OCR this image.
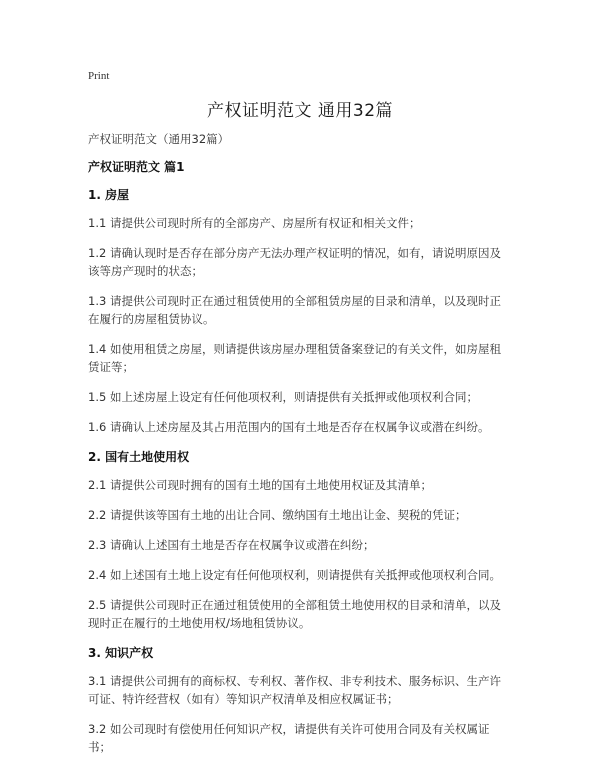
Print
产权证明范文 通用32篇
产权证明范文（通用32篇）
产权证明范文 篇1
1. 房屋
1.1 请提供公司现时所有的全部房产、房屋所有权证和相关文件；
1.2 请确认现时是否存在部分房产无法办理产权证明的情况，如有，请说明原因及该等房产现时的状态；
1.3 请提供公司现时正在通过租赁使用的全部租赁房屋的目录和清单，以及现时正在履行的房屋租赁协议。
1.4 如使用租赁之房屋，则请提供该房屋办理租赁备案登记的有关文件，如房屋租赁证等；
1.5 如上述房屋上设定有任何他项权利，则请提供有关抵押或他项权利合同；
1.6 请确认上述房屋及其占用范围内的国有土地是否存在权属争议或潜在纠纷。
2. 国有土地使用权
2.1 请提供公司现时拥有的国有土地的国有土地使用权证及其清单；
2.2 请提供该等国有土地的出让合同、缴纳国有土地出让金、契税的凭证；
2.3 请确认上述国有土地是否存在权属争议或潜在纠纷；
2.4 如上述国有土地上设定有任何他项权利，则请提供有关抵押或他项权利合同。
2.5 请提供公司现时正在通过租赁使用的全部租赁土地使用权的目录和清单，以及现时正在履行的土地使用权/场地租赁协议。
3. 知识产权
3.1 请提供公司拥有的商标权、专利权、著作权、非专利技术、服务标识、生产许可证、特许经营权（如有）等知识产权清单及相应权属证书；
3.2 如公司现时有偿使用任何知识产权，请提供有关许可使用合同及有关权属证书；
